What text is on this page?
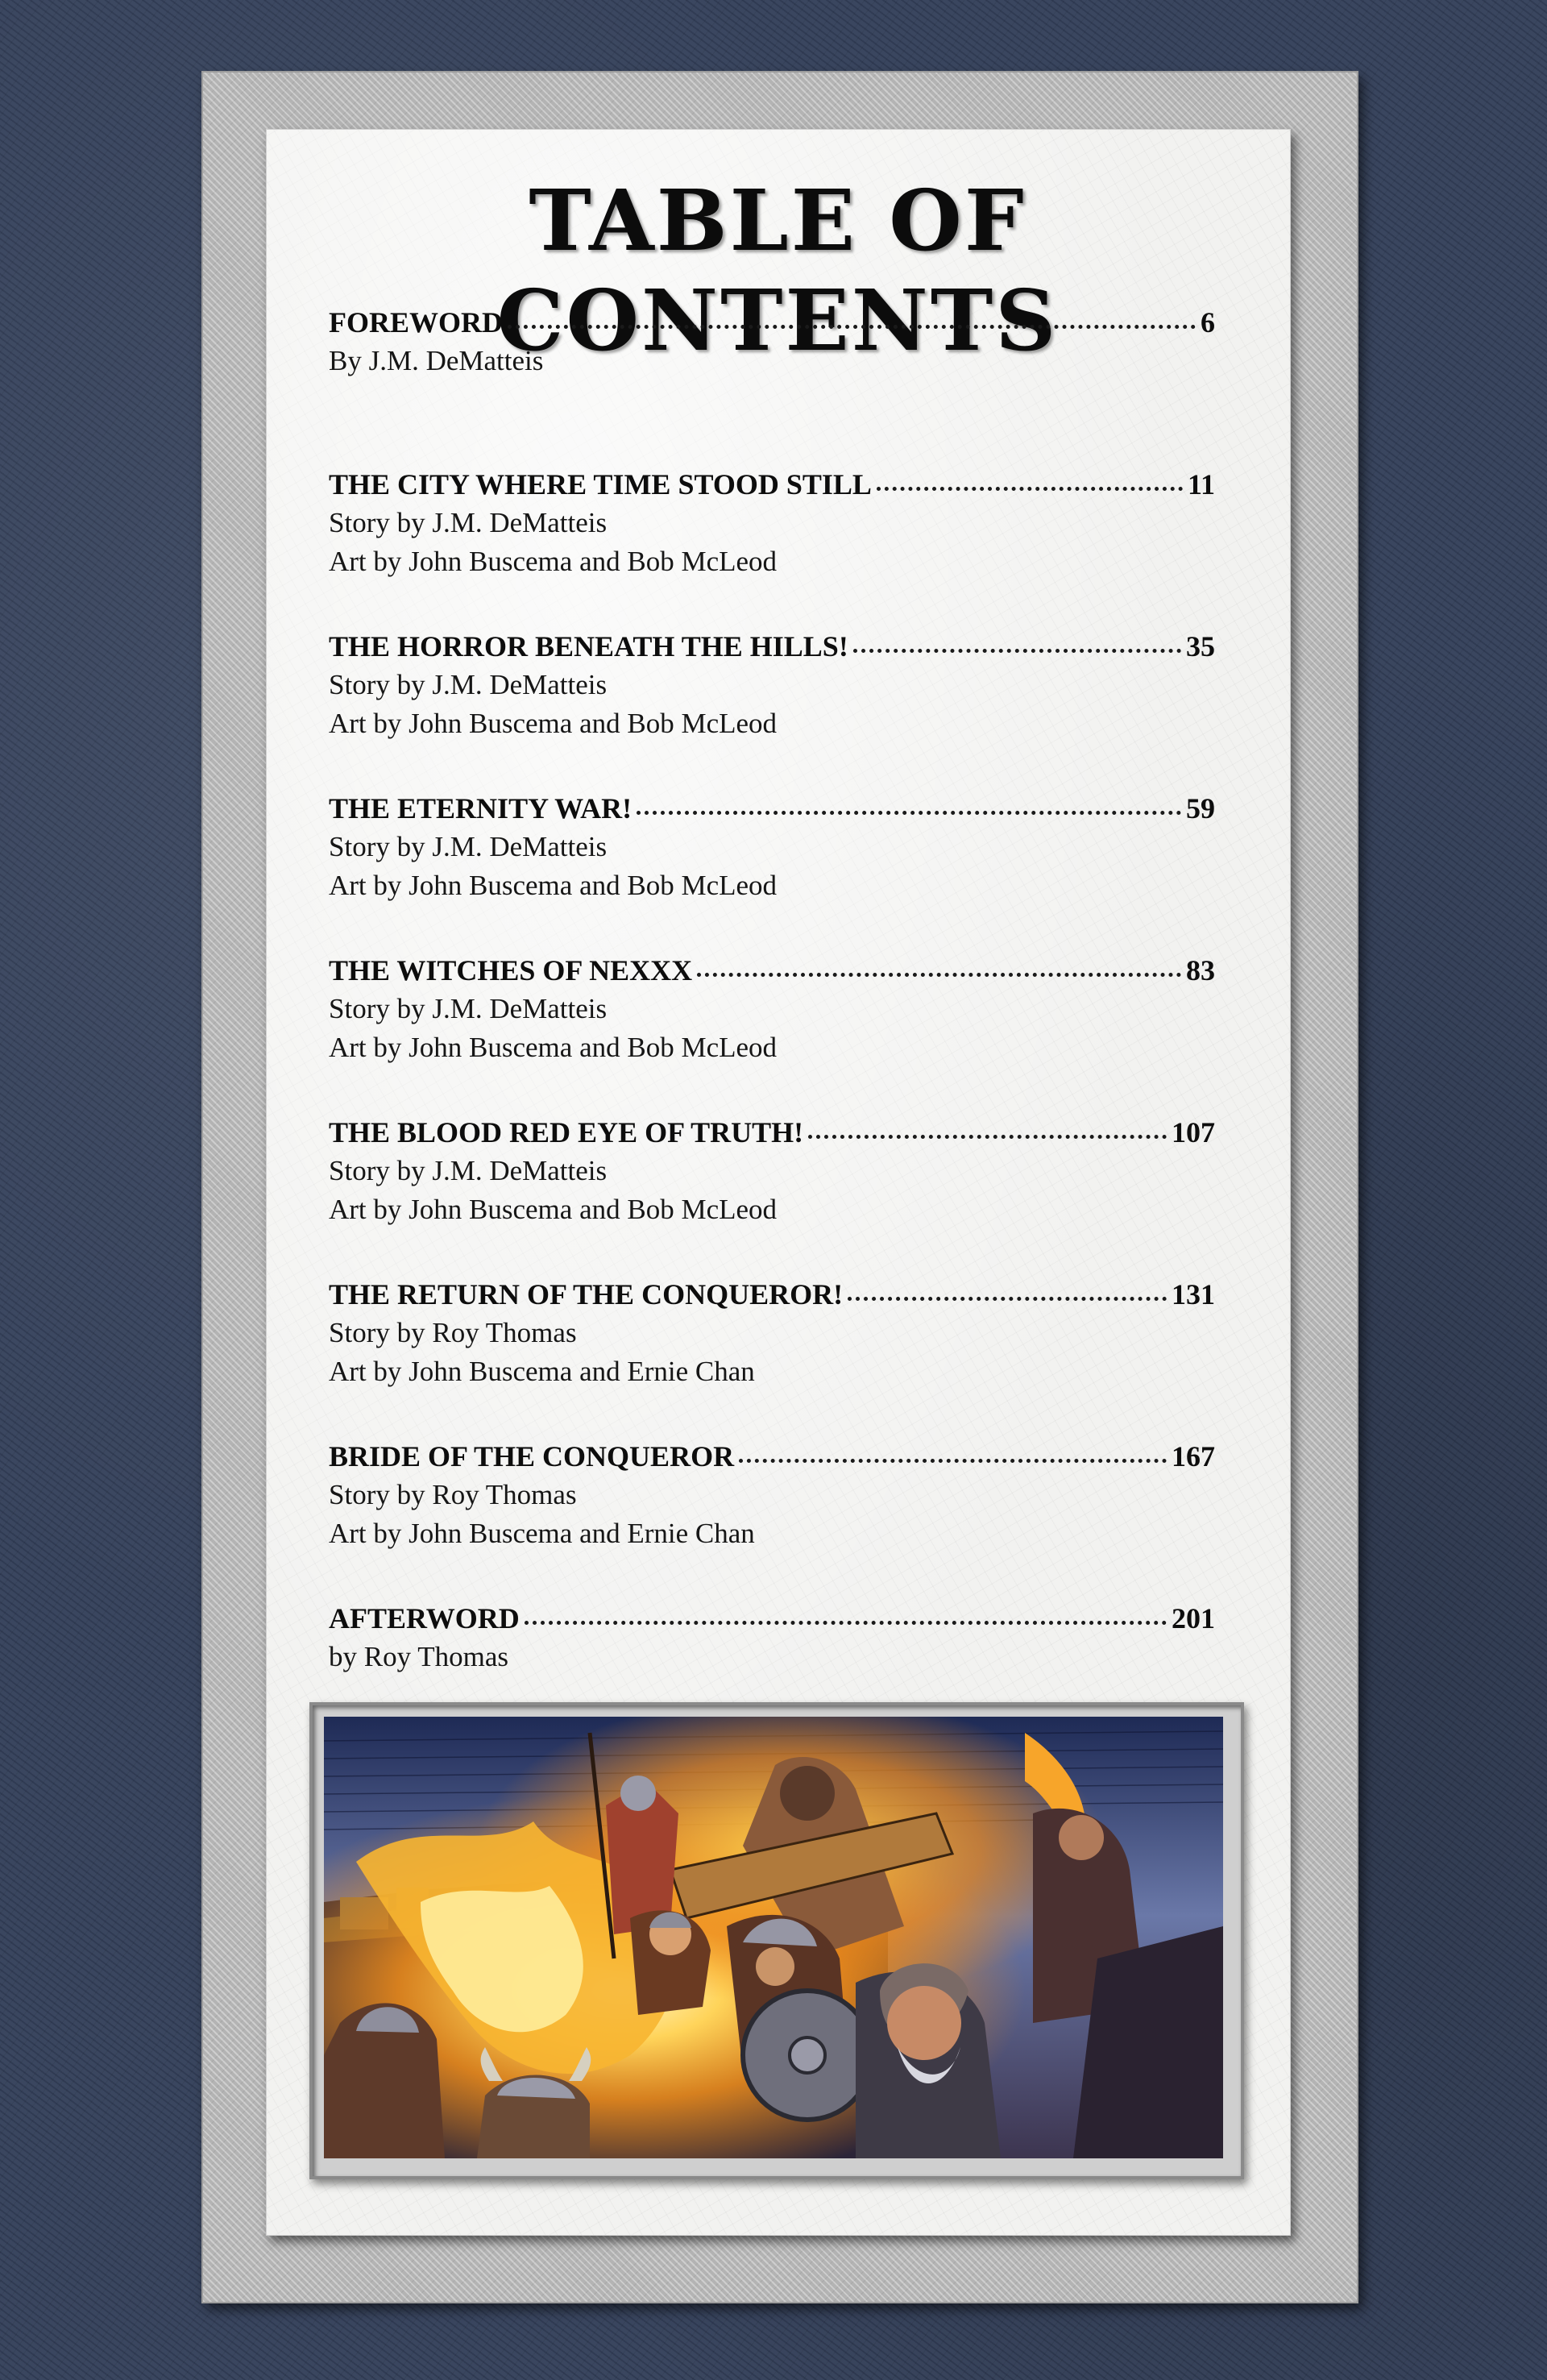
TABLE OF CONTENTS
FOREWORD	6
By J.M. DeMatteis
THE CITY WHERE TIME STOOD STILL	11
Story by J.M. DeMatteis
Art by John Buscema and Bob McLeod
THE HORROR BENEATH THE HILLS!	35
Story by J.M. DeMatteis
Art by John Buscema and Bob McLeod
THE ETERNITY WAR!	59
Story by J.M. DeMatteis
Art by John Buscema and Bob McLeod
THE WITCHES OF NEXXX	83
Story by J.M. DeMatteis
Art by John Buscema and Bob McLeod
THE BLOOD RED EYE OF TRUTH!	107
Story by J.M. DeMatteis
Art by John Buscema and Bob McLeod
THE RETURN OF THE CONQUEROR!	131
Story by Roy Thomas
Art by John Buscema and Ernie Chan
BRIDE OF THE CONQUEROR	167
Story by Roy Thomas
Art by John Buscema and Ernie Chan
AFTERWORD	201
by Roy Thomas
